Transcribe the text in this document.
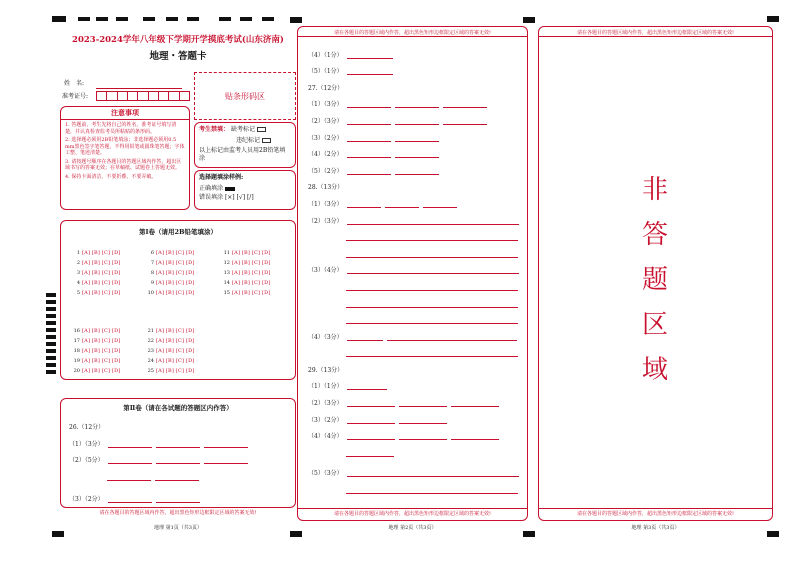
2023-2024学年八年级下学期开学摸底考试(山东济南)
地理・答题卡
姓　名:
准考证号:	贴条形码区
注意事项
1. 答题前，考生先将自己的姓名，准考证号填写清楚，并认真检查监考员所粘贴的条形码。
2. 选择题必须用2B铅笔填涂；非选择题必须用0.5 mm黑色签字笔答题，不得用铅笔或圆珠笔答题；字体工整、笔迹清楚。
3. 请按题号顺序在各题目的答题区域内作答，超出区域书写的答案无效；在草稿纸、试题卷上答题无效。
4. 保持卡面清洁，不要折叠、不要弄破。
考生禁填： 缺考标记
违纪标记
以上标记由监考人员用2B铅笔填涂
选择题填涂样例:
正确填涂
错误填涂 [×] [√] [/]
第Ⅰ卷（请用2B铅笔填涂）
1 [A] [B] [C] [D]
2 [A] [B] [C] [D]
3 [A] [B] [C] [D]
4 [A] [B] [C] [D]
5 [A] [B] [C] [D]
6 [A] [B] [C] [D]
7 [A] [B] [C] [D]
8 [A] [B] [C] [D]
9 [A] [B] [C] [D]
10 [A] [B] [C] [D]
11 [A] [B] [C] [D]
12 [A] [B] [C] [D]
13 [A] [B] [C] [D]
14 [A] [B] [C] [D]
15 [A] [B] [C] [D]
16 [A] [B] [C] [D]
17 [A] [B] [C] [D]
18 [A] [B] [C] [D]
19 [A] [B] [C] [D]
20 [A] [B] [C] [D]
21 [A] [B] [C] [D]
22 [A] [B] [C] [D]
23 [A] [B] [C] [D]
24 [A] [B] [C] [D]
25 [A] [B] [C] [D]
第Ⅱ卷（请在各试题的答题区内作答）
26.（12分）
（1）（3分）
（2）（5分）
（3）（2分）
请在各题目的答题区域内作答，超出黑色矩形边框限定区域的答案无效!
地理 第1页（共3页）
请在各题目的答题区域内作答，超出黑色矩形边框限定区域的答案无效!
（4）（1分）
（5）（1分）
27.（12分）
（1）（3分）
（2）（3分）
（3）（2分）
（4）（2分）
（5）（2分）
28.（13分）
（1）（3分）
（2）（3分）
（3）（4分）
（4）（3分）
29.（13分）
（1）（1分）
（2）（3分）
（3）（2分）
（4）（4分）
（5）（3分）
请在各题目的答题区域内作答，超出黑色矩形边框限定区域的答案无效!
地理 第2页（共3页）
请在各题目的答题区域内作答，超出黑色矩形边框限定区域的答案无效!
非
答
题
区
域
请在各题目的答题区域内作答，超出黑色矩形边框限定区域的答案无效!
地理 第3页（共3页）
